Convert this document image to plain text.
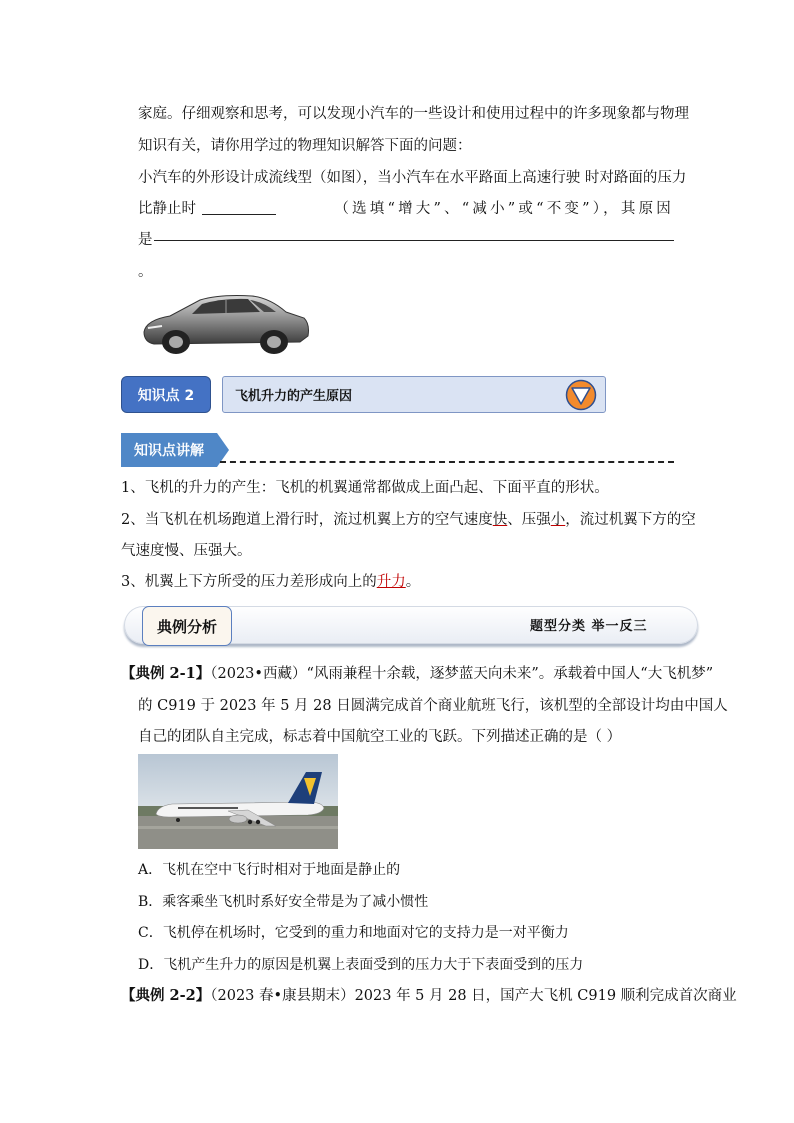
家庭。仔细观察和思考，可以发现小汽车的一些设计和使用过程中的许多现象都与物理
知识有关，请你用学过的物理知识解答下面的问题：
小汽车的外形设计成流线型（如图），当小汽车在水平路面上高速行驶 时对路面的压力
比静止时	（选填“增大”、“减小”或“不变”），其原因
是
。
知识点 2	飞机升力的产生原因
知识点讲解
1、飞机的升力的产生：飞机的机翼通常都做成上面凸起、下面平直的形状。
2、当飞机在机场跑道上滑行时，流过机翼上方的空气速度快、压强小，流过机翼下方的空
气速度慢、压强大。
3、机翼上下方所受的压力差形成向上的升力。
典例分析	题型分类 举一反三
【典例 2-1】（2023•西藏）“风雨兼程十余载，逐梦蓝天向未来”。承载着中国人“大飞机梦”
的 C919 于 2023 年 5 月 28 日圆满完成首个商业航班飞行，该机型的全部设计均由中国人
自己的团队自主完成，标志着中国航空工业的飞跃。下列描述正确的是（ ）
A．飞机在空中飞行时相对于地面是静止的
B．乘客乘坐飞机时系好安全带是为了减小惯性
C．飞机停在机场时，它受到的重力和地面对它的支持力是一对平衡力
D．飞机产生升力的原因是机翼上表面受到的压力大于下表面受到的压力
【典例 2-2】（2023 春•康县期末）2023 年 5 月 28 日，国产大飞机 C919 顺利完成首次商业
